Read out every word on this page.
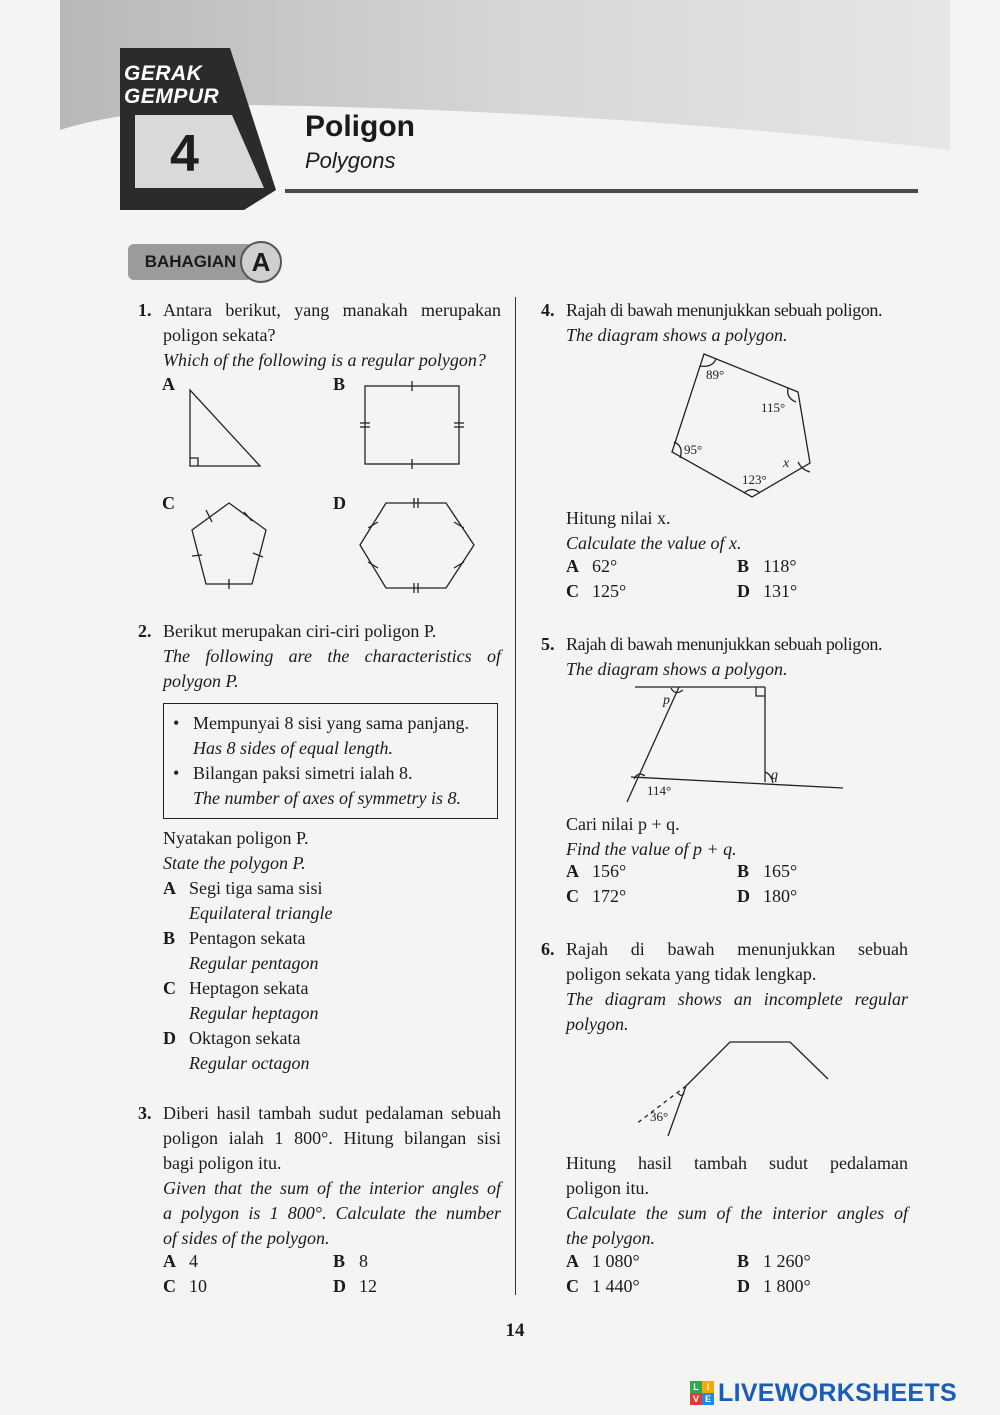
GERAK
GEMPUR
4	Poligon
Polygons
BAHAGIAN A
1. Antara berikut, yang manakah merupakan
poligon sekata?
Which of the following is a regular polygon?
A	B
C	D
2. Berikut merupakan ciri-ciri poligon P.
The following are the characteristics of
polygon P.
• Mempunyai 8 sisi yang sama panjang.
Has 8 sides of equal length.
• Bilangan paksi simetri ialah 8.
The number of axes of symmetry is 8.
Nyatakan poligon P.
State the polygon P.
A Segi tiga sama sisi
Equilateral triangle
B Pentagon sekata
Regular pentagon
C Heptagon sekata
Regular heptagon
D Oktagon sekata
Regular octagon
3. Diberi hasil tambah sudut pedalaman sebuah
poligon ialah 1 800°. Hitung bilangan sisi
bagi poligon itu.
Given that the sum of the interior angles of
a polygon is 1 800°. Calculate the number
of sides of the polygon.
A 4	B 8
C 10	D 12
4. Rajah di bawah menunjukkan sebuah poligon.
The diagram shows a polygon.
89°
115°
95°
x
123°
Hitung nilai x.
Calculate the value of x.
A 62°	B 118°
C 125°	D 131°
5. Rajah di bawah menunjukkan sebuah poligon.
The diagram shows a polygon.
p
q
114°
Cari nilai p + q.
Find the value of p + q.
A 156°	B 165°
C 172°	D 180°
6. Rajah di bawah menunjukkan sebuah
poligon sekata yang tidak lengkap.
The diagram shows an incomplete regular
polygon.
36°
Hitung hasil tambah sudut pedalaman
poligon itu.
Calculate the sum of the interior angles of
the polygon.
A 1 080°	B 1 260°
C 1 440°	D 1 800°
14
L I
V E LIVEWORKSHEETS
